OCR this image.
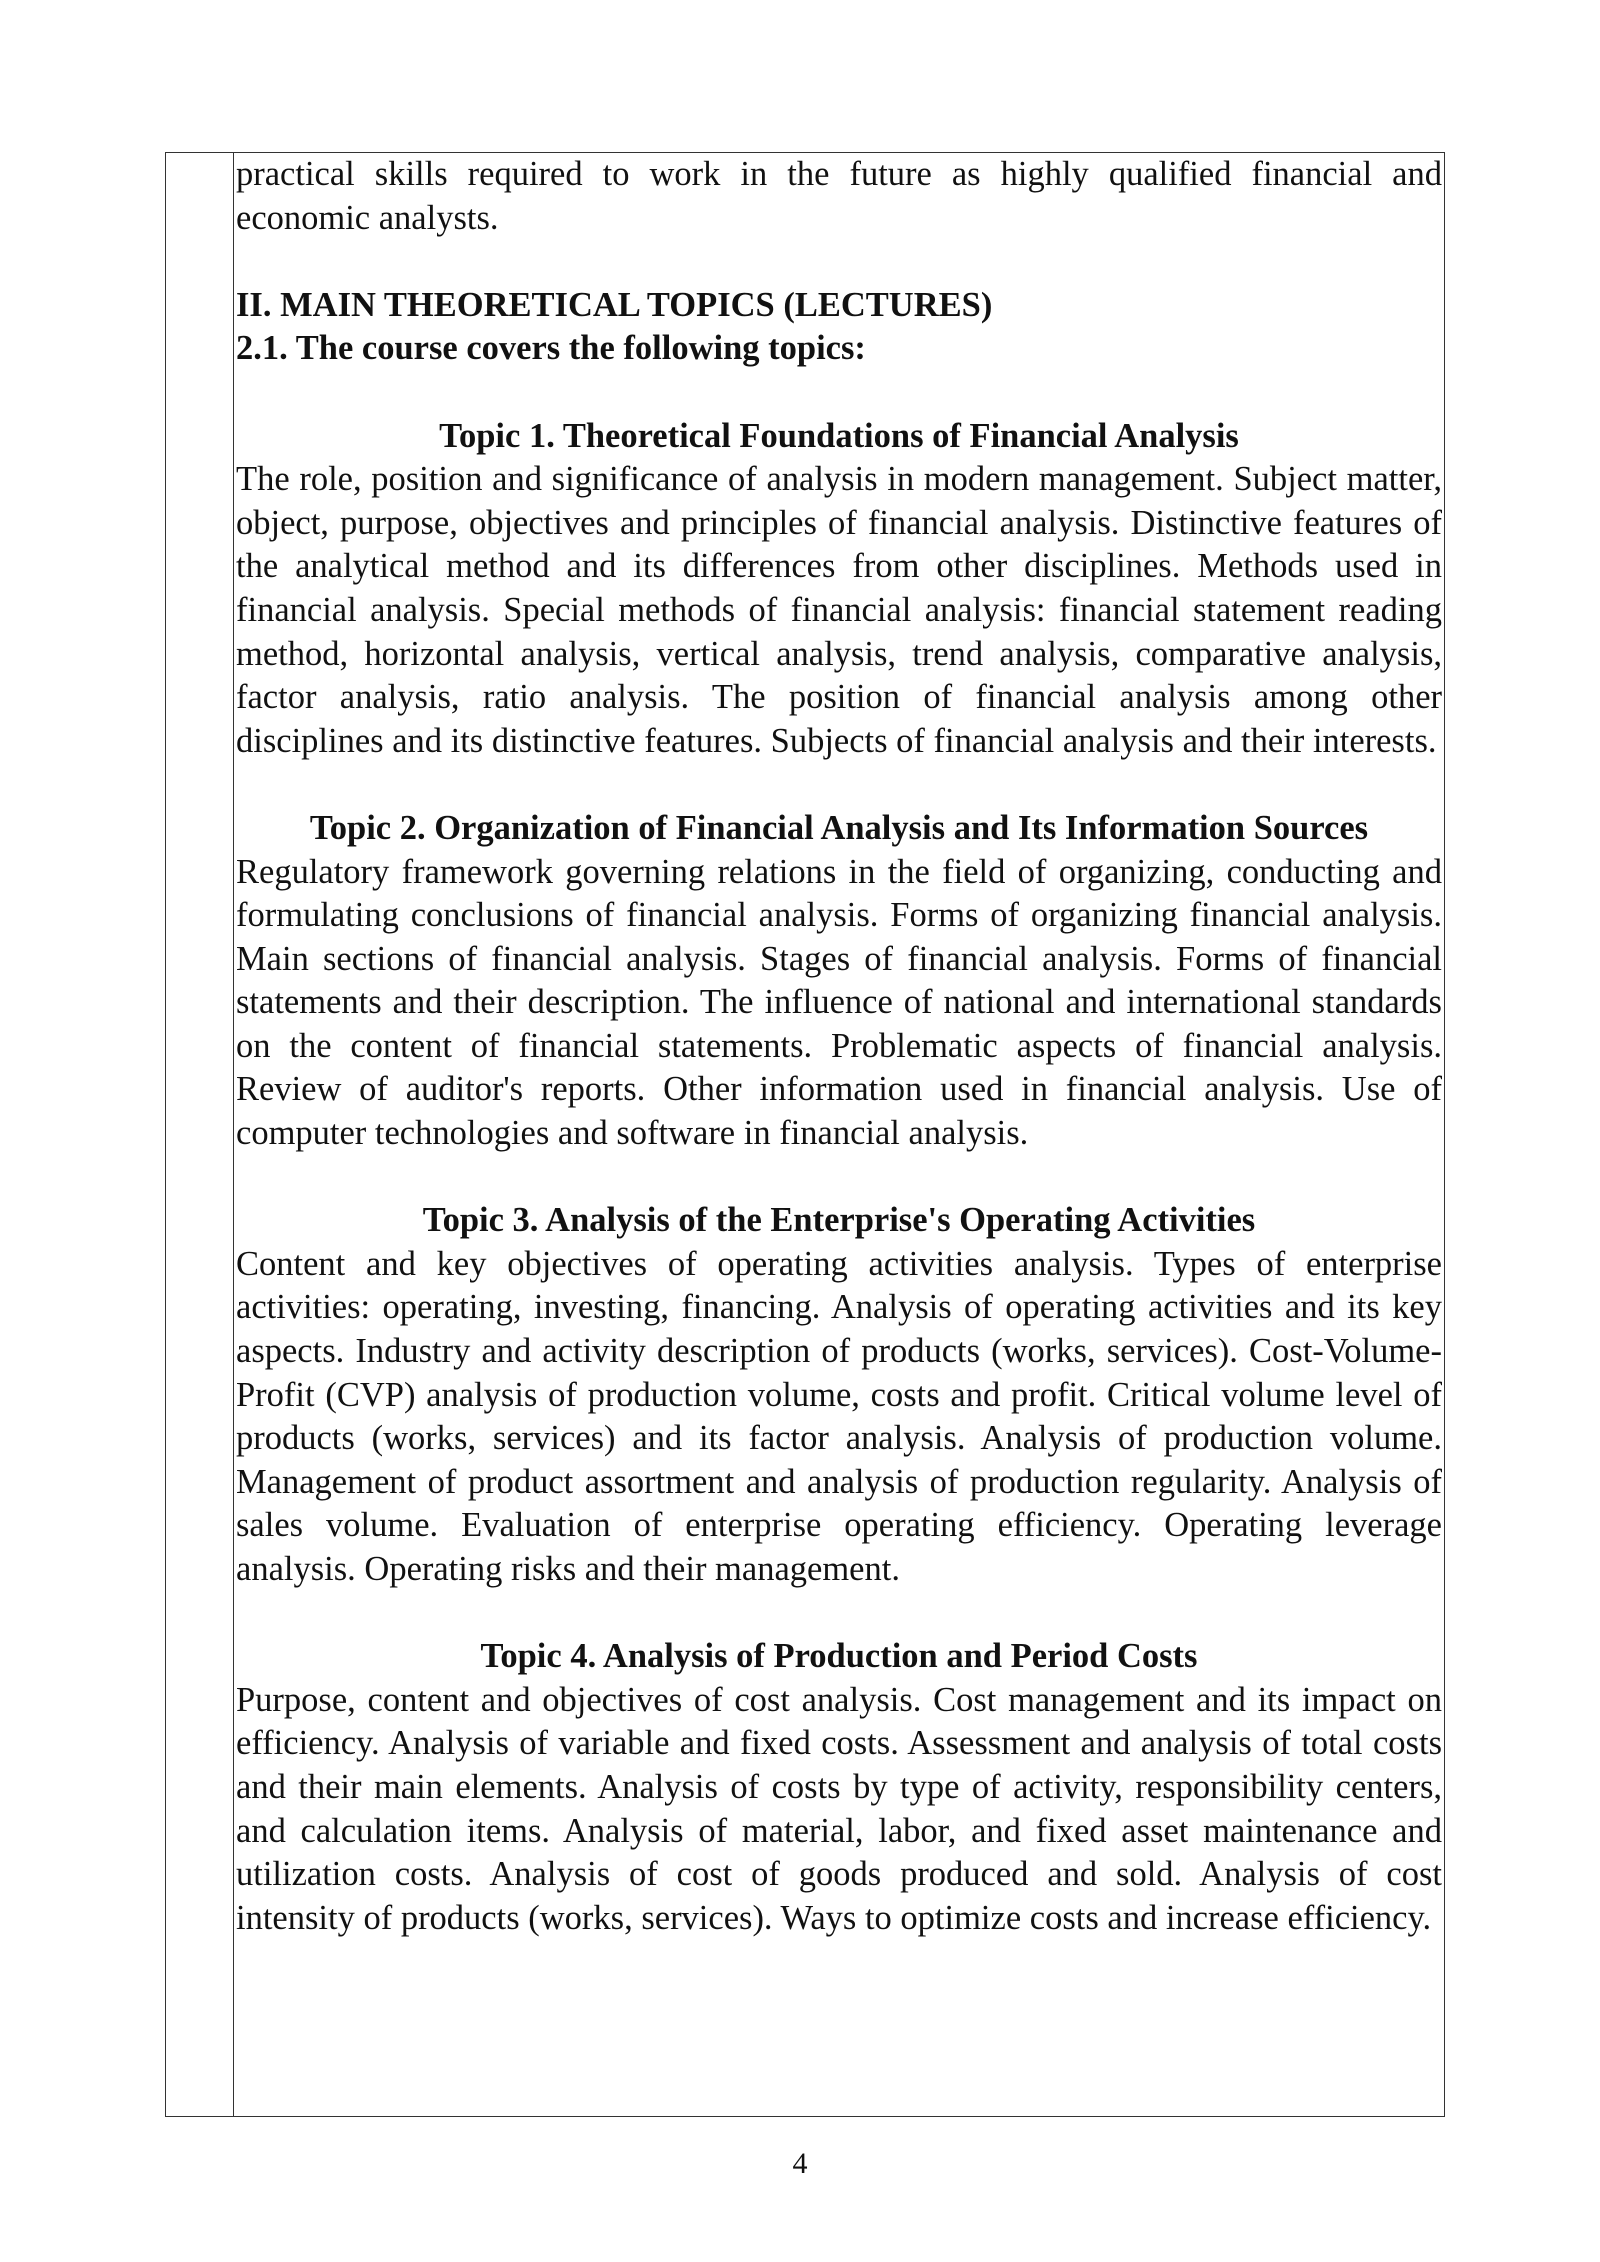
practical skills required to work in the future as highly qualified financial and economic analysts.

II. MAIN THEORETICAL TOPICS (LECTURES)

2.1. The course covers the following topics:

Topic 1. Theoretical Foundations of Financial Analysis

The role, position and significance of analysis in modern management. Subject matter, object, purpose, objectives and principles of financial analysis. Distinctive features of the analytical method and its differences from other disciplines. Methods used in financial analysis. Special methods of financial analysis: financial statement reading method, horizontal analysis, vertical analysis, trend analysis, comparative analysis, factor analysis, ratio analysis. The position of financial analysis among other disciplines and its distinctive features. Subjects of financial analysis and their interests.

Topic 2. Organization of Financial Analysis and Its Information Sources

Regulatory framework governing relations in the field of organizing, conducting and formulating conclusions of financial analysis. Forms of organizing financial analysis. Main sections of financial analysis. Stages of financial analysis. Forms of financial statements and their description. The influence of national and international standards on the content of financial statements. Problematic aspects of financial analysis. Review of auditor's reports. Other information used in financial analysis. Use of computer technologies and software in financial analysis.

Topic 3. Analysis of the Enterprise's Operating Activities

Content and key objectives of operating activities analysis. Types of enterprise activities: operating, investing, financing. Analysis of operating activities and its key aspects. Industry and activity description of products (works, services). Cost-Volume-Profit (CVP) analysis of production volume, costs and profit. Critical volume level of products (works, services) and its factor analysis. Analysis of production volume. Management of product assortment and analysis of production regularity. Analysis of sales volume. Evaluation of enterprise operating efficiency. Operating leverage analysis. Operating risks and their management.

Topic 4. Analysis of Production and Period Costs

Purpose, content and objectives of cost analysis. Cost management and its impact on efficiency. Analysis of variable and fixed costs. Assessment and analysis of total costs and their main elements. Analysis of costs by type of activity, responsibility centers, and calculation items. Analysis of material, labor, and fixed asset maintenance and utilization costs. Analysis of cost of goods produced and sold. Analysis of cost intensity of products (works, services). Ways to optimize costs and increase efficiency.

4
